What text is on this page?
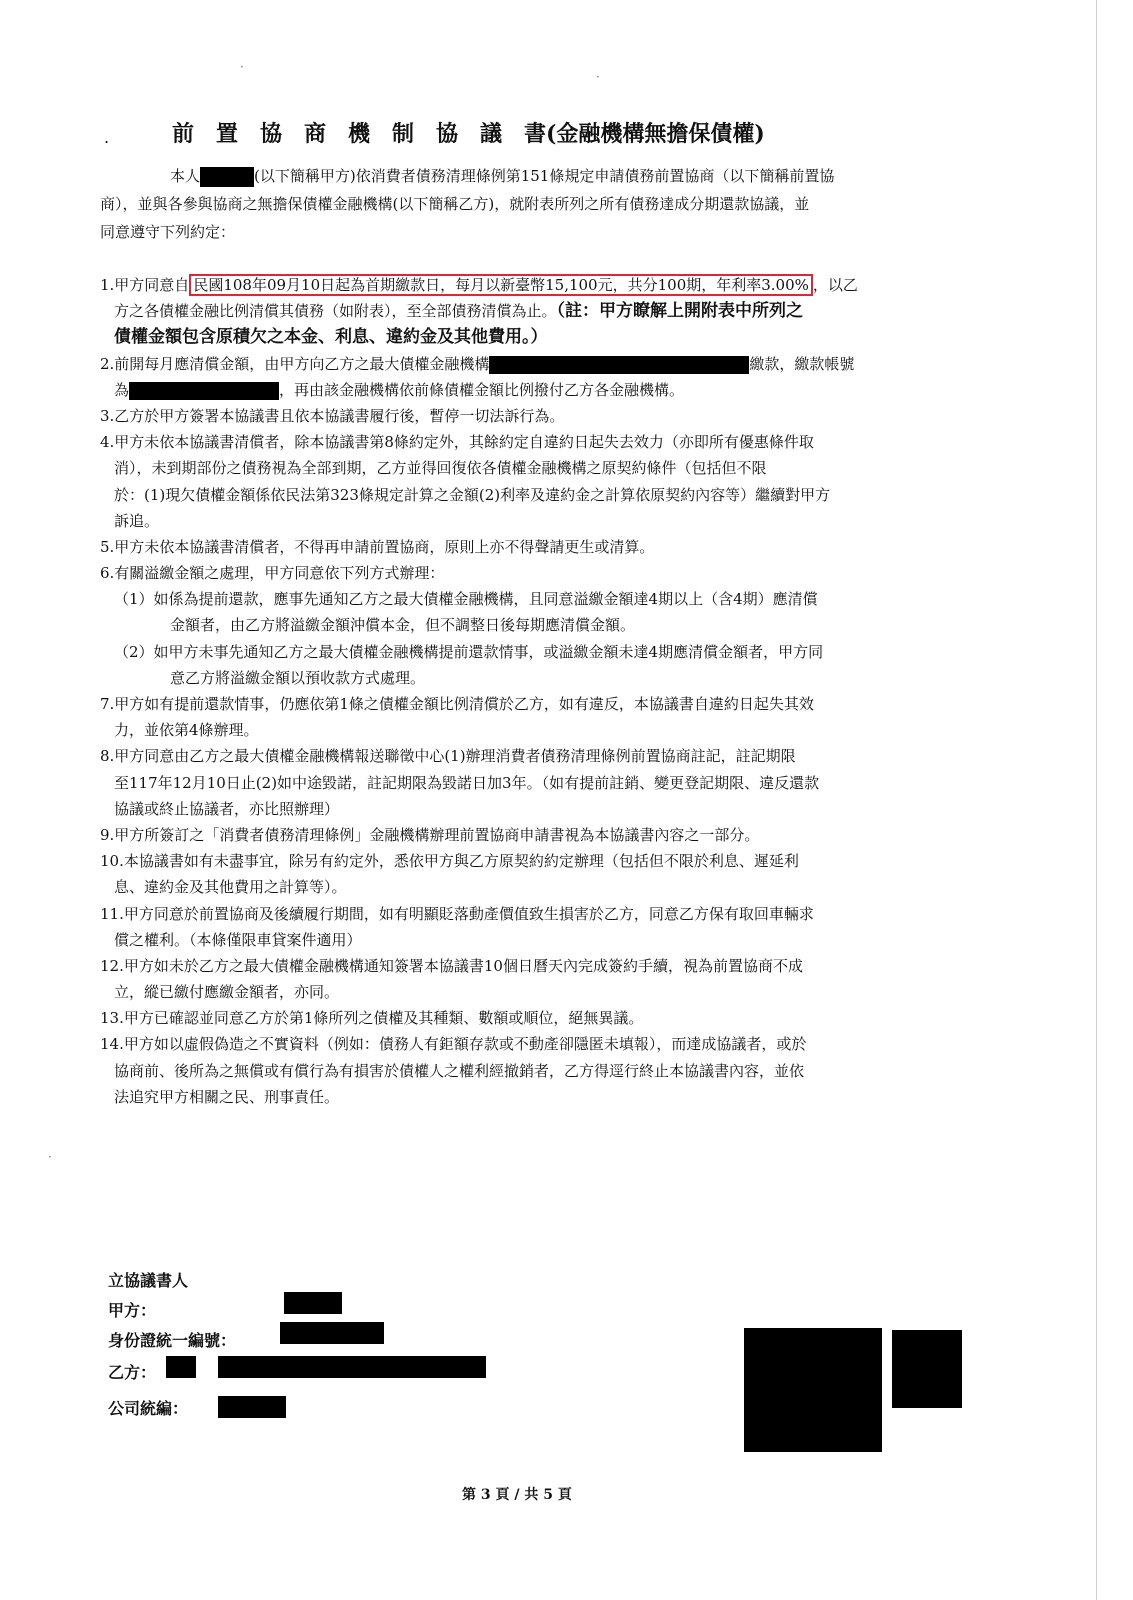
·
·
·
.	前　置　協　商　機　制　協　議　書(金融機構無擔保債權)
本人	(以下簡稱甲方)依消費者債務清理條例第151條規定申請債務前置協商（以下簡稱前置協
商），並與各參與協商之無擔保債權金融機構(以下簡稱乙方)，就附表所列之所有債務達成分期還款協議，並
同意遵守下列約定：
1.甲方同意自 民國108年09月10日起為首期繳款日，每月以新臺幣15,100元，共分100期，年利率3.00% ，以乙
方之各債權金融比例清償其債務（如附表），至全部債務清償為止。（註：甲方瞭解上開附表中所列之
債權金額包含原積欠之本金、利息、違約金及其他費用。）
2.前開每月應清償金額，由甲方向乙方之最大債權金融機構	繳款，繳款帳號
為	，再由該金融機構依前條債權金額比例撥付乙方各金融機構。
3.乙方於甲方簽署本協議書且依本協議書履行後，暫停一切法訴行為。
4.甲方未依本協議書清償者，除本協議書第8條約定外，其餘約定自違約日起失去效力（亦即所有優惠條件取
消），未到期部份之債務視為全部到期，乙方並得回復依各債權金融機構之原契約條件（包括但不限
於：(1)現欠債權金額係依民法第323條規定計算之金額(2)利率及違約金之計算依原契約內容等）繼續對甲方
訴追。
5.甲方未依本協議書清償者，不得再申請前置協商，原則上亦不得聲請更生或清算。
6.有關溢繳金額之處理，甲方同意依下列方式辦理：
（1）如係為提前還款，應事先通知乙方之最大債權金融機構，且同意溢繳金額達4期以上（含4期）應清償
金額者，由乙方將溢繳金額沖償本金，但不調整日後每期應清償金額。
（2）如甲方未事先通知乙方之最大債權金融機構提前還款情事，或溢繳金額未達4期應清償金額者，甲方同
意乙方將溢繳金額以預收款方式處理。
7.甲方如有提前還款情事，仍應依第1條之債權金額比例清償於乙方，如有違反，本協議書自違約日起失其效
力，並依第4條辦理。
8.甲方同意由乙方之最大債權金融機構報送聯徵中心(1)辦理消費者債務清理條例前置協商註記，註記期限
至117年12月10日止(2)如中途毀諾，註記期限為毀諾日加3年。（如有提前註銷、變更登記期限、違反還款
協議或終止協議者，亦比照辦理）
9.甲方所簽訂之「消費者債務清理條例」金融機構辦理前置協商申請書視為本協議書內容之一部分。
10.本協議書如有未盡事宜，除另有約定外，悉依甲方與乙方原契約約定辦理（包括但不限於利息、遲延利
息、違約金及其他費用之計算等）。
11.甲方同意於前置協商及後續履行期間，如有明顯貶落動產價值致生損害於乙方，同意乙方保有取回車輛求
償之權利。（本條僅限車貸案件適用）
12.甲方如未於乙方之最大債權金融機構通知簽署本協議書10個日曆天內完成簽約手續，視為前置協商不成
立，縱已繳付應繳金額者，亦同。
13.甲方已確認並同意乙方於第1條所列之債權及其種類、數額或順位，絕無異議。
14.甲方如以虛假偽造之不實資料（例如：債務人有鉅額存款或不動產卻隱匿未填報），而達成協議者，或於
協商前、後所為之無償或有償行為有損害於債權人之權利經撤銷者，乙方得逕行終止本協議書內容，並依
法追究甲方相關之民、刑事責任。
立協議書人
甲方：
身份證統一編號：
乙方：
公司統編：
第 3 頁 / 共 5 頁
